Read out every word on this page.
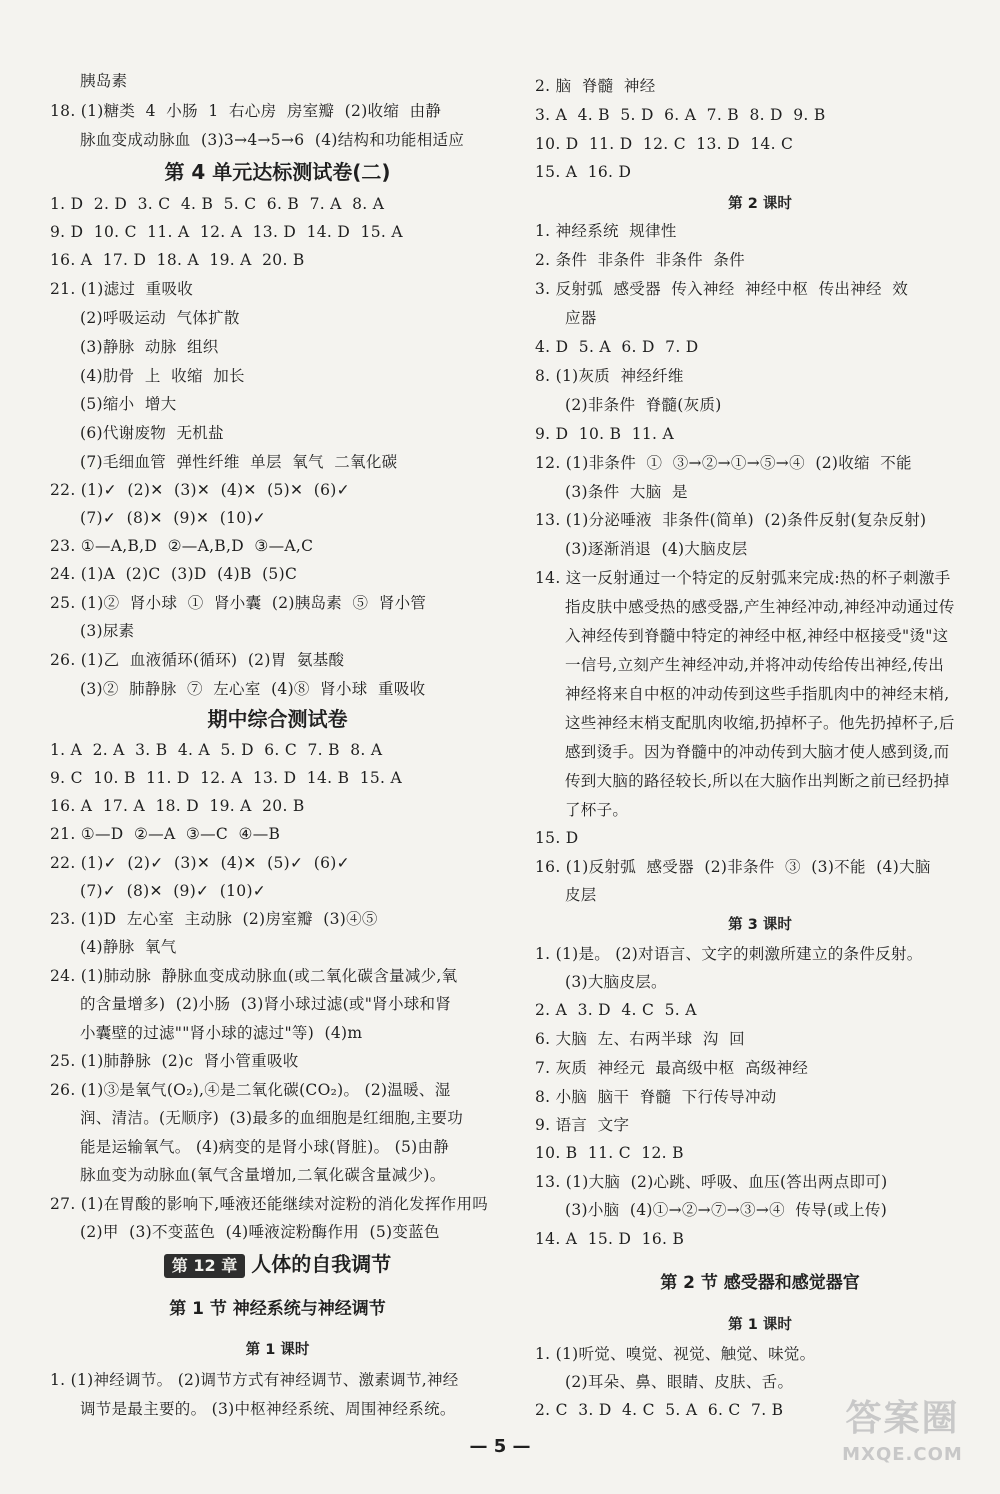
胰岛素
18. (1)糖类  4  小肠  1  右心房  房室瓣  (2)收缩  由静
脉血变成动脉血  (3)3→4→5→6  (4)结构和功能相适应
第 4 单元达标测试卷(二)
1. D  2. D  3. C  4. B  5. C  6. B  7. A  8. A
9. D  10. C  11. A  12. A  13. D  14. D  15. A
16. A  17. D  18. A  19. A  20. B
21. (1)滤过  重吸收
(2)呼吸运动  气体扩散
(3)静脉  动脉  组织
(4)肋骨  上  收缩  加长
(5)缩小  增大
(6)代谢废物  无机盐
(7)毛细血管  弹性纤维  单层  氧气  二氧化碳
22. (1)✓  (2)✕  (3)✕  (4)✕  (5)✕  (6)✓
(7)✓  (8)✕  (9)✕  (10)✓
23. ①—A,B,D  ②—A,B,D  ③—A,C
24. (1)A  (2)C  (3)D  (4)B  (5)C
25. (1)②  肾小球  ①  肾小囊  (2)胰岛素  ⑤  肾小管
(3)尿素
26. (1)乙  血液循环(循环)  (2)胃  氨基酸
(3)②  肺静脉  ⑦  左心室  (4)⑧  肾小球  重吸收
期中综合测试卷
1. A  2. A  3. B  4. A  5. D  6. C  7. B  8. A
9. C  10. B  11. D  12. A  13. D  14. B  15. A
16. A  17. A  18. D  19. A  20. B
21. ①—D  ②—A  ③—C  ④—B
22. (1)✓  (2)✓  (3)✕  (4)✕  (5)✓  (6)✓
(7)✓  (8)✕  (9)✓  (10)✓
23. (1)D  左心室  主动脉  (2)房室瓣  (3)④⑤
(4)静脉  氧气
24. (1)肺动脉  静脉血变成动脉血(或二氧化碳含量减少,氧
的含量增多)  (2)小肠  (3)肾小球过滤(或"肾小球和肾
小囊壁的过滤""肾小球的滤过"等)  (4)m
25. (1)肺静脉  (2)c  肾小管重吸收
26. (1)③是氧气(O₂),④是二氧化碳(CO₂)。 (2)温暖、湿
润、清洁。(无顺序)  (3)最多的血细胞是红细胞,主要功
能是运输氧气。 (4)病变的是肾小球(肾脏)。 (5)由静
脉血变为动脉血(氧气含量增加,二氧化碳含量减少)。
27. (1)在胃酸的影响下,唾液还能继续对淀粉的消化发挥作用吗
(2)甲  (3)不变蓝色  (4)唾液淀粉酶作用  (5)变蓝色
第 12 章 人体的自我调节
第 1 节 神经系统与神经调节
第 1 课时
1. (1)神经调节。 (2)调节方式有神经调节、激素调节,神经
调节是最主要的。 (3)中枢神经系统、周围神经系统。
2. 脑  脊髓  神经
3. A  4. B  5. D  6. A  7. B  8. D  9. B
10. D  11. D  12. C  13. D  14. C
15. A  16. D
第 2 课时
1. 神经系统  规律性
2. 条件  非条件  非条件  条件
3. 反射弧  感受器  传入神经  神经中枢  传出神经  效
应器
4. D  5. A  6. D  7. D
8. (1)灰质  神经纤维
(2)非条件  脊髓(灰质)
9. D  10. B  11. A
12. (1)非条件  ①  ③→②→①→⑤→④  (2)收缩  不能
(3)条件  大脑  是
13. (1)分泌唾液  非条件(简单)  (2)条件反射(复杂反射)
(3)逐渐消退  (4)大脑皮层
14. 这一反射通过一个特定的反射弧来完成:热的杯子刺激手
指皮肤中感受热的感受器,产生神经冲动,神经冲动通过传
入神经传到脊髓中特定的神经中枢,神经中枢接受"烫"这
一信号,立刻产生神经冲动,并将冲动传给传出神经,传出
神经将来自中枢的冲动传到这些手指肌肉中的神经末梢,
这些神经末梢支配肌肉收缩,扔掉杯子。他先扔掉杯子,后
感到烫手。因为脊髓中的冲动传到大脑才使人感到烫,而
传到大脑的路径较长,所以在大脑作出判断之前已经扔掉
了杯子。
15. D
16. (1)反射弧  感受器  (2)非条件  ③  (3)不能  (4)大脑
皮层
第 3 课时
1. (1)是。 (2)对语言、文字的刺激所建立的条件反射。
(3)大脑皮层。
2. A  3. D  4. C  5. A
6. 大脑  左、右两半球  沟  回
7. 灰质  神经元  最高级中枢  高级神经
8. 小脑  脑干  脊髓  下行传导冲动
9. 语言  文字
10. B  11. C  12. B
13. (1)大脑  (2)心跳、呼吸、血压(答出两点即可)
(3)小脑  (4)①→②→⑦→③→④  传导(或上传)
14. A  15. D  16. B
第 2 节 感受器和感觉器官
第 1 课时
1. (1)听觉、嗅觉、视觉、触觉、味觉。
(2)耳朵、鼻、眼睛、皮肤、舌。
2. C  3. D  4. C  5. A  6. C  7. B
— 5 —
答案圈
MXQE.COM
